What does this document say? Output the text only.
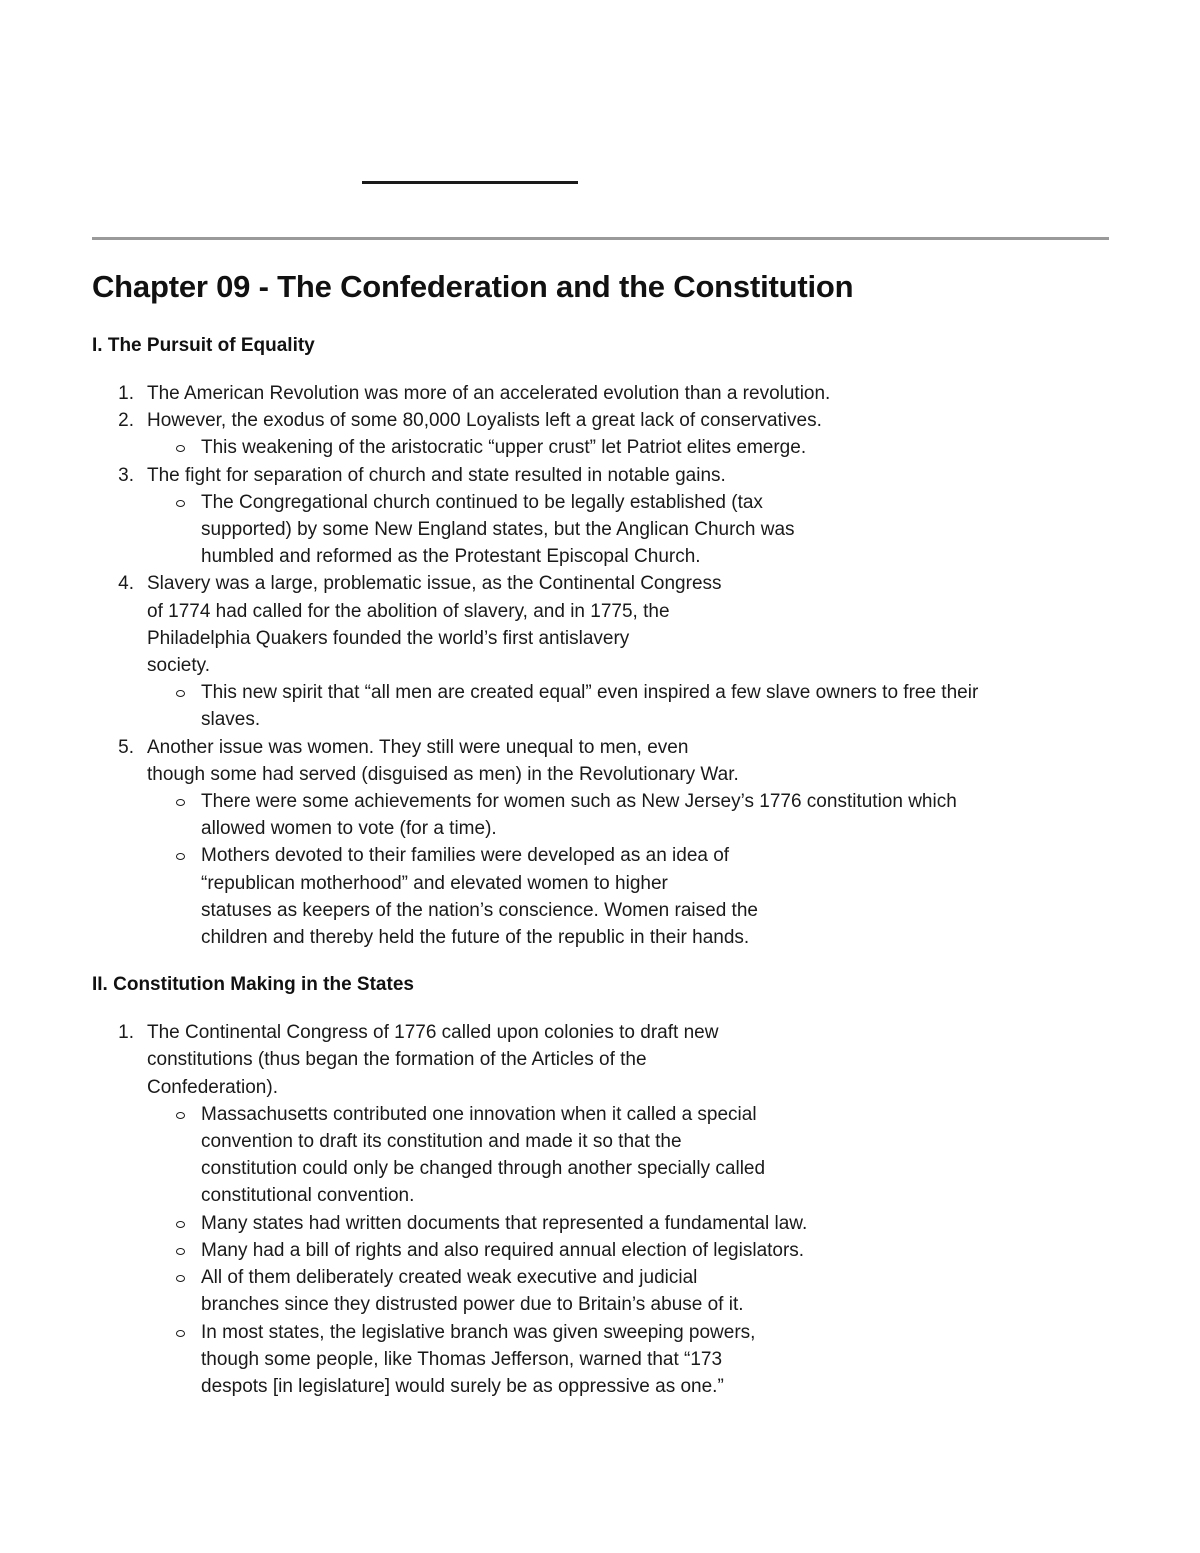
Chapter 09 - The Confederation and the Constitution
I. The Pursuit of Equality
1. The American Revolution was more of an accelerated evolution than a revolution.
2. However, the exodus of some 80,000 Loyalists left a great lack of conservatives.
This weakening of the aristocratic “upper crust” let Patriot elites emerge.
3. The fight for separation of church and state resulted in notable gains.
The Congregational church continued to be legally established (tax
supported) by some New England states, but the Anglican Church was
humbled and reformed as the Protestant Episcopal Church.
4. Slavery was a large, problematic issue, as the Continental Congress
of 1774 had called for the abolition of slavery, and in 1775, the
Philadelphia Quakers founded the world’s first antislavery
society.
This new spirit that “all men are created equal” even inspired a few slave owners to free their
slaves.
5. Another issue was women. They still were unequal to men, even
though some had served (disguised as men) in the Revolutionary War.
There were some achievements for women such as New Jersey’s 1776 constitution which
allowed women to vote (for a time).
Mothers devoted to their families were developed as an idea of
“republican motherhood” and elevated women to higher
statuses as keepers of the nation’s conscience. Women raised the
children and thereby held the future of the republic in their hands.
II. Constitution Making in the States
1. The Continental Congress of 1776 called upon colonies to draft new
constitutions (thus began the formation of the Articles of the
Confederation).
Massachusetts contributed one innovation when it called a special
convention to draft its constitution and made it so that the
constitution could only be changed through another specially called
constitutional convention.
Many states had written documents that represented a fundamental law.
Many had a bill of rights and also required annual election of legislators.
All of them deliberately created weak executive and judicial
branches since they distrusted power due to Britain’s abuse of it.
In most states, the legislative branch was given sweeping powers,
though some people, like Thomas Jefferson, warned that “173
despots [in legislature] would surely be as oppressive as one.”
